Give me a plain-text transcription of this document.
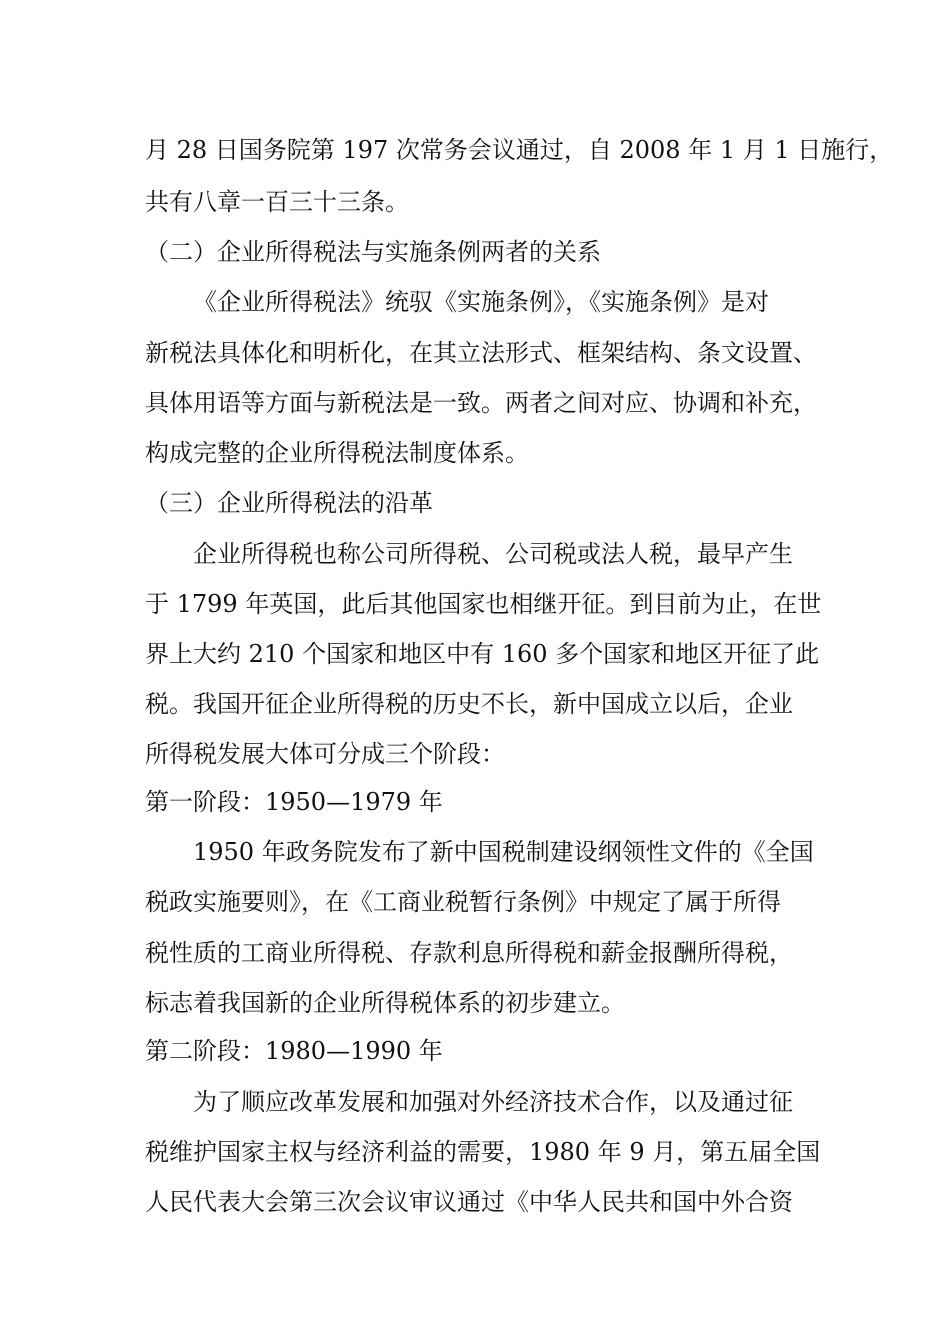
月 28 日国务院第 197 次常务会议通过，自 2008 年 1 月 1 日施行，
共有八章一百三十三条。
（二）企业所得税法与实施条例两者的关系
《企业所得税法》统驭《实施条例》，《实施条例》是对
新税法具体化和明析化，在其立法形式、框架结构、条文设置、
具体用语等方面与新税法是一致。两者之间对应、协调和补充，
构成完整的企业所得税法制度体系。
（三）企业所得税法的沿革
企业所得税也称公司所得税、公司税或法人税，最早产生
于 1799 年英国，此后其他国家也相继开征。到目前为止，在世
界上大约 210 个国家和地区中有 160 多个国家和地区开征了此
税。我国开征企业所得税的历史不长，新中国成立以后，企业
所得税发展大体可分成三个阶段：
第一阶段：1950—1979 年
1950 年政务院发布了新中国税制建设纲领性文件的《全国
税政实施要则》，在《工商业税暂行条例》中规定了属于所得
税性质的工商业所得税、存款利息所得税和薪金报酬所得税，
标志着我国新的企业所得税体系的初步建立。
第二阶段：1980—1990 年
为了顺应改革发展和加强对外经济技术合作，以及通过征
税维护国家主权与经济利益的需要，1980 年 9 月，第五届全国
人民代表大会第三次会议审议通过《中华人民共和国中外合资
